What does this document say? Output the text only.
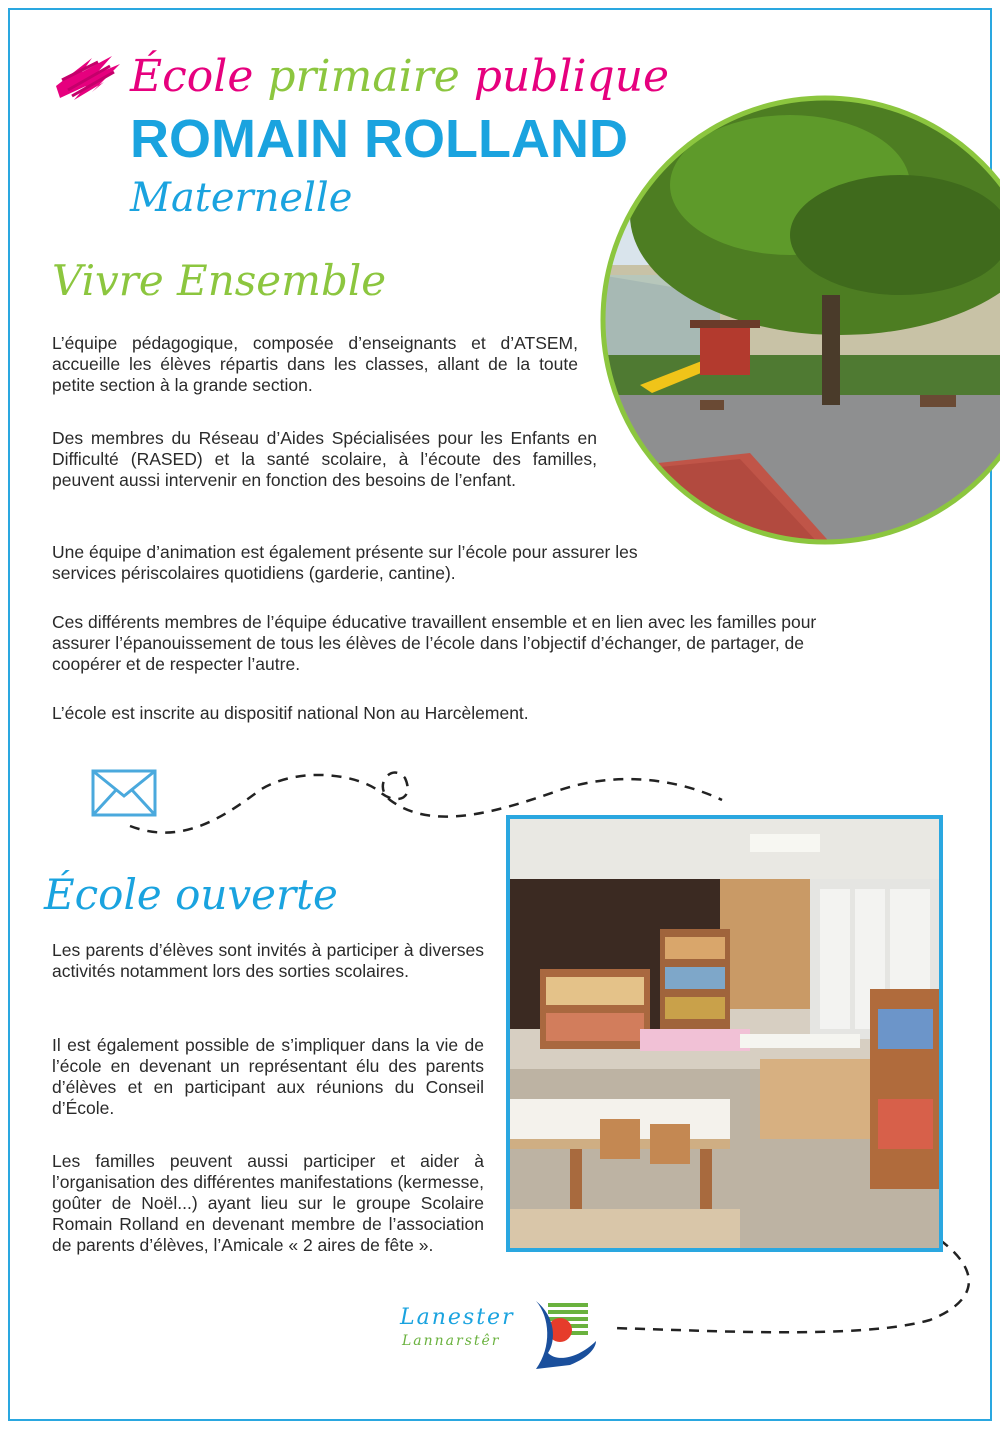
École primaire publique
ROMAIN ROLLAND
Maternelle
Vivre Ensemble

L’équipe pédagogique, composée d’enseignants et d’ATSEM, accueille les élèves répartis dans les classes, allant de la toute petite section à la grande section.

Des membres du Réseau d’Aides Spécialisées pour les Enfants en Difficulté (RASED) et la santé scolaire, à l’écoute des familles, peuvent aussi intervenir en fonction des besoins de l’enfant.

Une équipe d’animation est également présente sur l’école pour assurer les services périscolaires quotidiens (garderie, cantine).

Ces différents membres de l’équipe éducative travaillent ensemble et en lien avec les familles pour assurer l’épanouissement de tous les élèves de l’école dans l’objectif d’échanger, de partager, de coopérer et de respecter l’autre.

L’école est inscrite au dispositif national Non au Harcèlement.

École ouverte

Les parents d’élèves sont invités à participer à diverses activités notamment lors des sorties scolaires.

Il est également possible de s’impliquer dans la vie de l’école en devenant un représentant élu des parents d’élèves et en participant aux réunions du Conseil d’École.

Les familles peuvent aussi participer et aider à l’organisation des différentes manifestations (kermesse, goûter de Noël...) ayant lieu sur le groupe Scolaire Romain Rolland en devenant membre de l’association de parents d’élèves, l’Amicale « 2 aires de fête ».

Lanester
Lannarstêr
